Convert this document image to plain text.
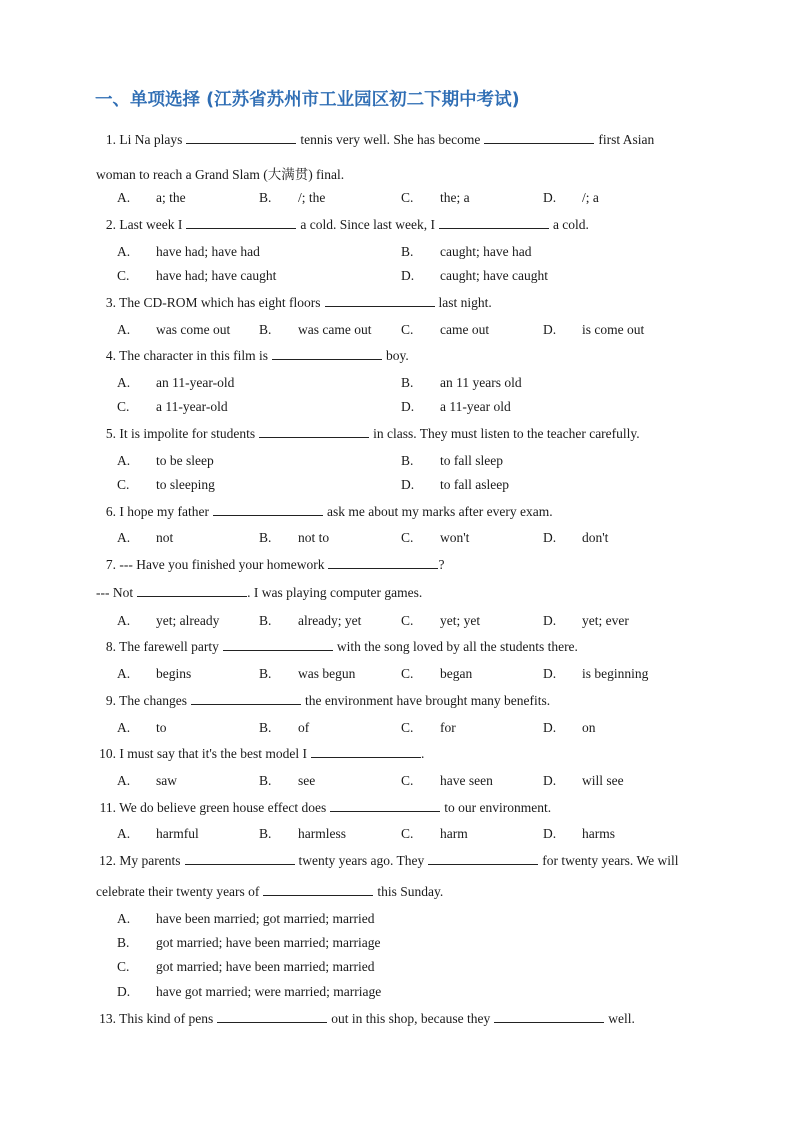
一、单项选择 (江苏省苏州市工业园区初二下期中考试)
1. Li Na plays	tennis very well. She has become	first Asian
woman to reach a Grand Slam (大满贯) final.
A. a; the	B. /; the	C. the; a	D. /; a
2. Last week I	a cold. Since last week, I	a cold.
A. have had; have had	B. caught; have had
C. have had; have caught	D. caught; have caught
3. The CD-ROM which has eight floors	last night.
A. was come out B. was came out C. came out	D. is come out
4. The character in this film is	boy.
A. an 11-year-old	B. an 11 years old
C. a 11-year-old	D. a 11-year old
5. It is impolite for students	in class. They must listen to the teacher carefully.
A. to be sleep	B. to fall sleep
C. to sleeping	D. to fall asleep
6. I hope my father	ask me about my marks after every exam.
A. not	B. not to	C. won't	D. don't
7. --- Have you finished your homework	?
--- Not	. I was playing computer games.
A. yet; already	B. already; yet	C. yet; yet	D. yet; ever
8. The farewell party	with the song loved by all the students there.
A. begins	B. was begun	C. began	D. is beginning
9. The changes	the environment have brought many benefits.
A. to	B. of	C. for	D. on
10. I must say that it's the best model I	.
A. saw	B. see	C. have seen	D. will see
11. We do believe green house effect does	to our environment.
A. harmful	B. harmless	C. harm	D. harms
12. My parents	twenty years ago. They	for twenty years. We will
celebrate their twenty years of	this Sunday.
A. have been married; got married; married
B. got married; have been married; marriage
C. got married; have been married; married
D. have got married; were married; marriage
13. This kind of pens	out in this shop, because they	well.
